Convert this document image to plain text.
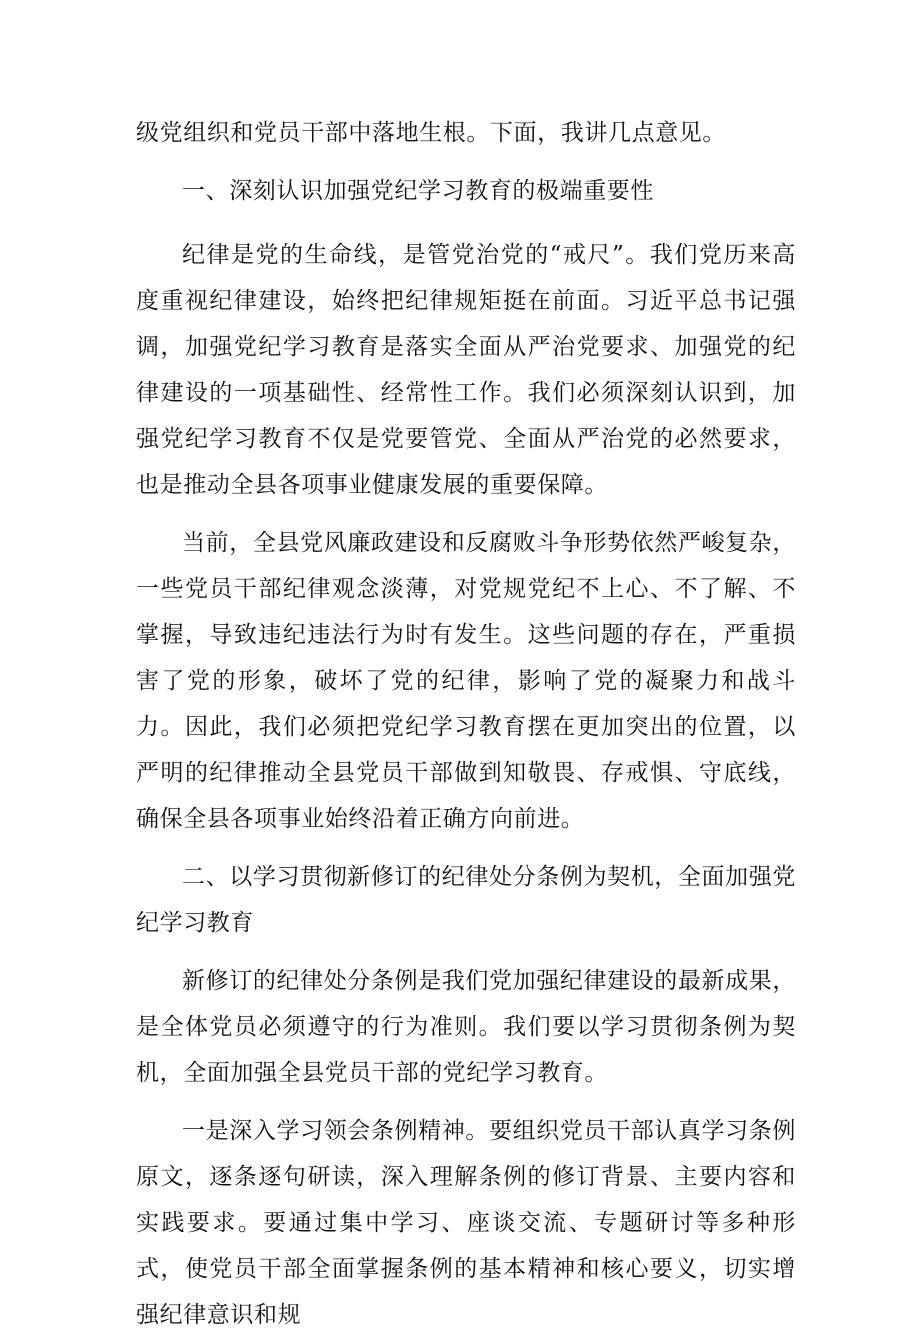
级党组织和党员干部中落地生根。下面，我讲几点意见。

一、深刻认识加强党纪学习教育的极端重要性

纪律是党的生命线，是管党治党的“戒尺”。我们党历来高度重视纪律建设，始终把纪律规矩挺在前面。习近平总书记强调，加强党纪学习教育是落实全面从严治党要求、加强党的纪律建设的一项基础性、经常性工作。我们必须深刻认识到，加强党纪学习教育不仅是党要管党、全面从严治党的必然要求，也是推动全县各项事业健康发展的重要保障。

当前，全县党风廉政建设和反腐败斗争形势依然严峻复杂，一些党员干部纪律观念淡薄，对党规党纪不上心、不了解、不掌握，导致违纪违法行为时有发生。这些问题的存在，严重损害了党的形象，破坏了党的纪律，影响了党的凝聚力和战斗力。因此，我们必须把党纪学习教育摆在更加突出的位置，以严明的纪律推动全县党员干部做到知敬畏、存戒惧、守底线，确保全县各项事业始终沿着正确方向前进。

二、以学习贯彻新修订的纪律处分条例为契机，全面加强党纪学习教育

新修订的纪律处分条例是我们党加强纪律建设的最新成果，是全体党员必须遵守的行为准则。我们要以学习贯彻条例为契机，全面加强全县党员干部的党纪学习教育。

一是深入学习领会条例精神。要组织党员干部认真学习条例原文，逐条逐句研读，深入理解条例的修订背景、主要内容和实践要求。要通过集中学习、座谈交流、专题研讨等多种形式，使党员干部全面掌握条例的基本精神和核心要义，切实增强纪律意识和规
